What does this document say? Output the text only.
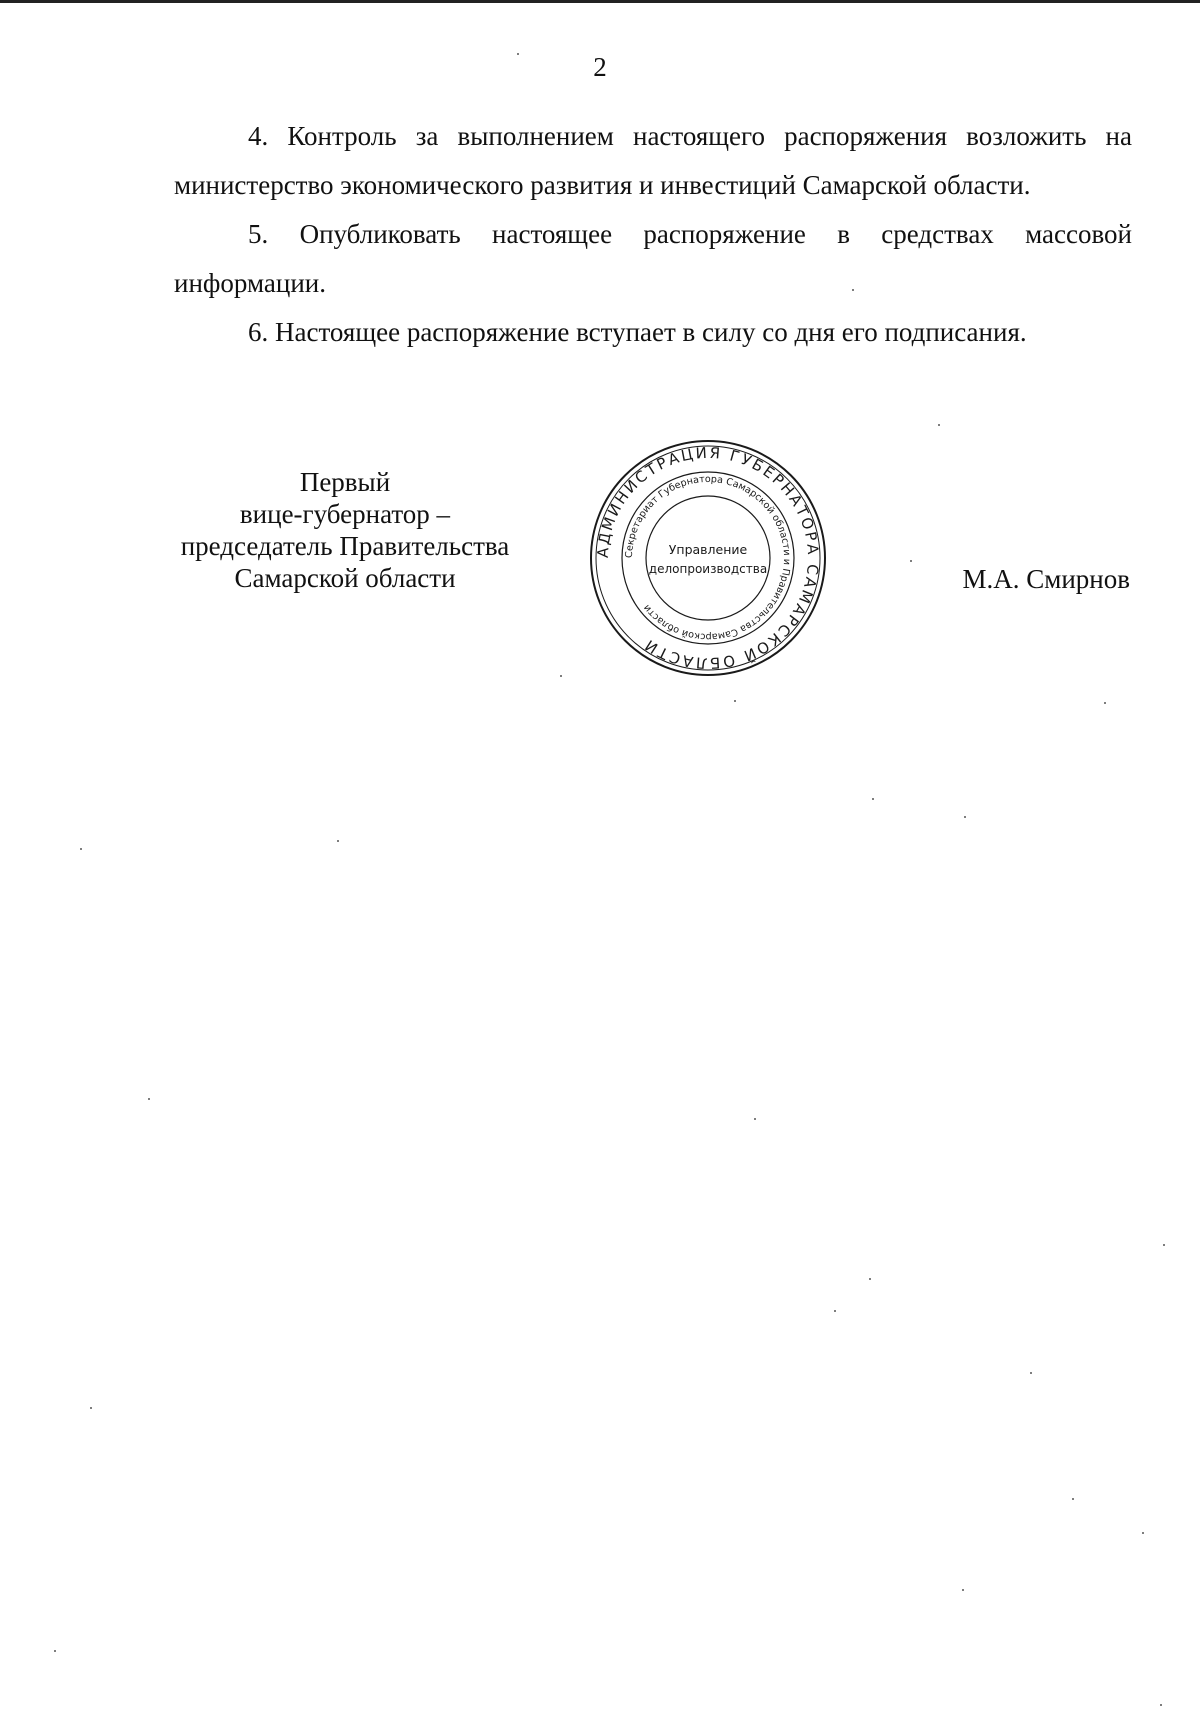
2

4. Контроль за выполнением настоящего распоряжения возложить на министерство экономического развития и инвестиций Самарской области.

5. Опубликовать настоящее распоряжение в средствах массовой информации.

6. Настоящее распоряжение вступает в силу со дня его подписания.

Первый
вице-губернатор –
председатель Правительства
Самарской области
АДМИНИСТРАЦИЯ ГУБЕРНАТОРА САМАРСКОЙ ОБЛАСТИ
Секретариат Губернатора Самарской области и Правительства Самарской области
Управление
делопроизводства	М.А. Смирнов
